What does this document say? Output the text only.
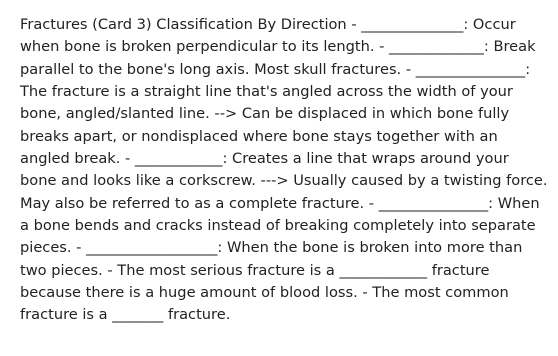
Fractures (Card 3) Classification By Direction - ______________: Occur when bone is broken perpendicular to its length. - _____________: Break parallel to the bone's long axis. Most skull fractures. - _______________: The fracture is a straight line that's angled across the width of your bone, angled/slanted line. --> Can be displaced in which bone fully breaks apart, or nondisplaced where bone stays together with an angled break. - ____________: Creates a line that wraps around your bone and looks like a corkscrew. ---> Usually caused by a twisting force. May also be referred to as a complete fracture. - _______________: When a bone bends and cracks instead of breaking completely into separate pieces. - __________________: When the bone is broken into more than two pieces. - The most serious fracture is a ____________ fracture because there is a huge amount of blood loss. - The most common fracture is a _______ fracture.
